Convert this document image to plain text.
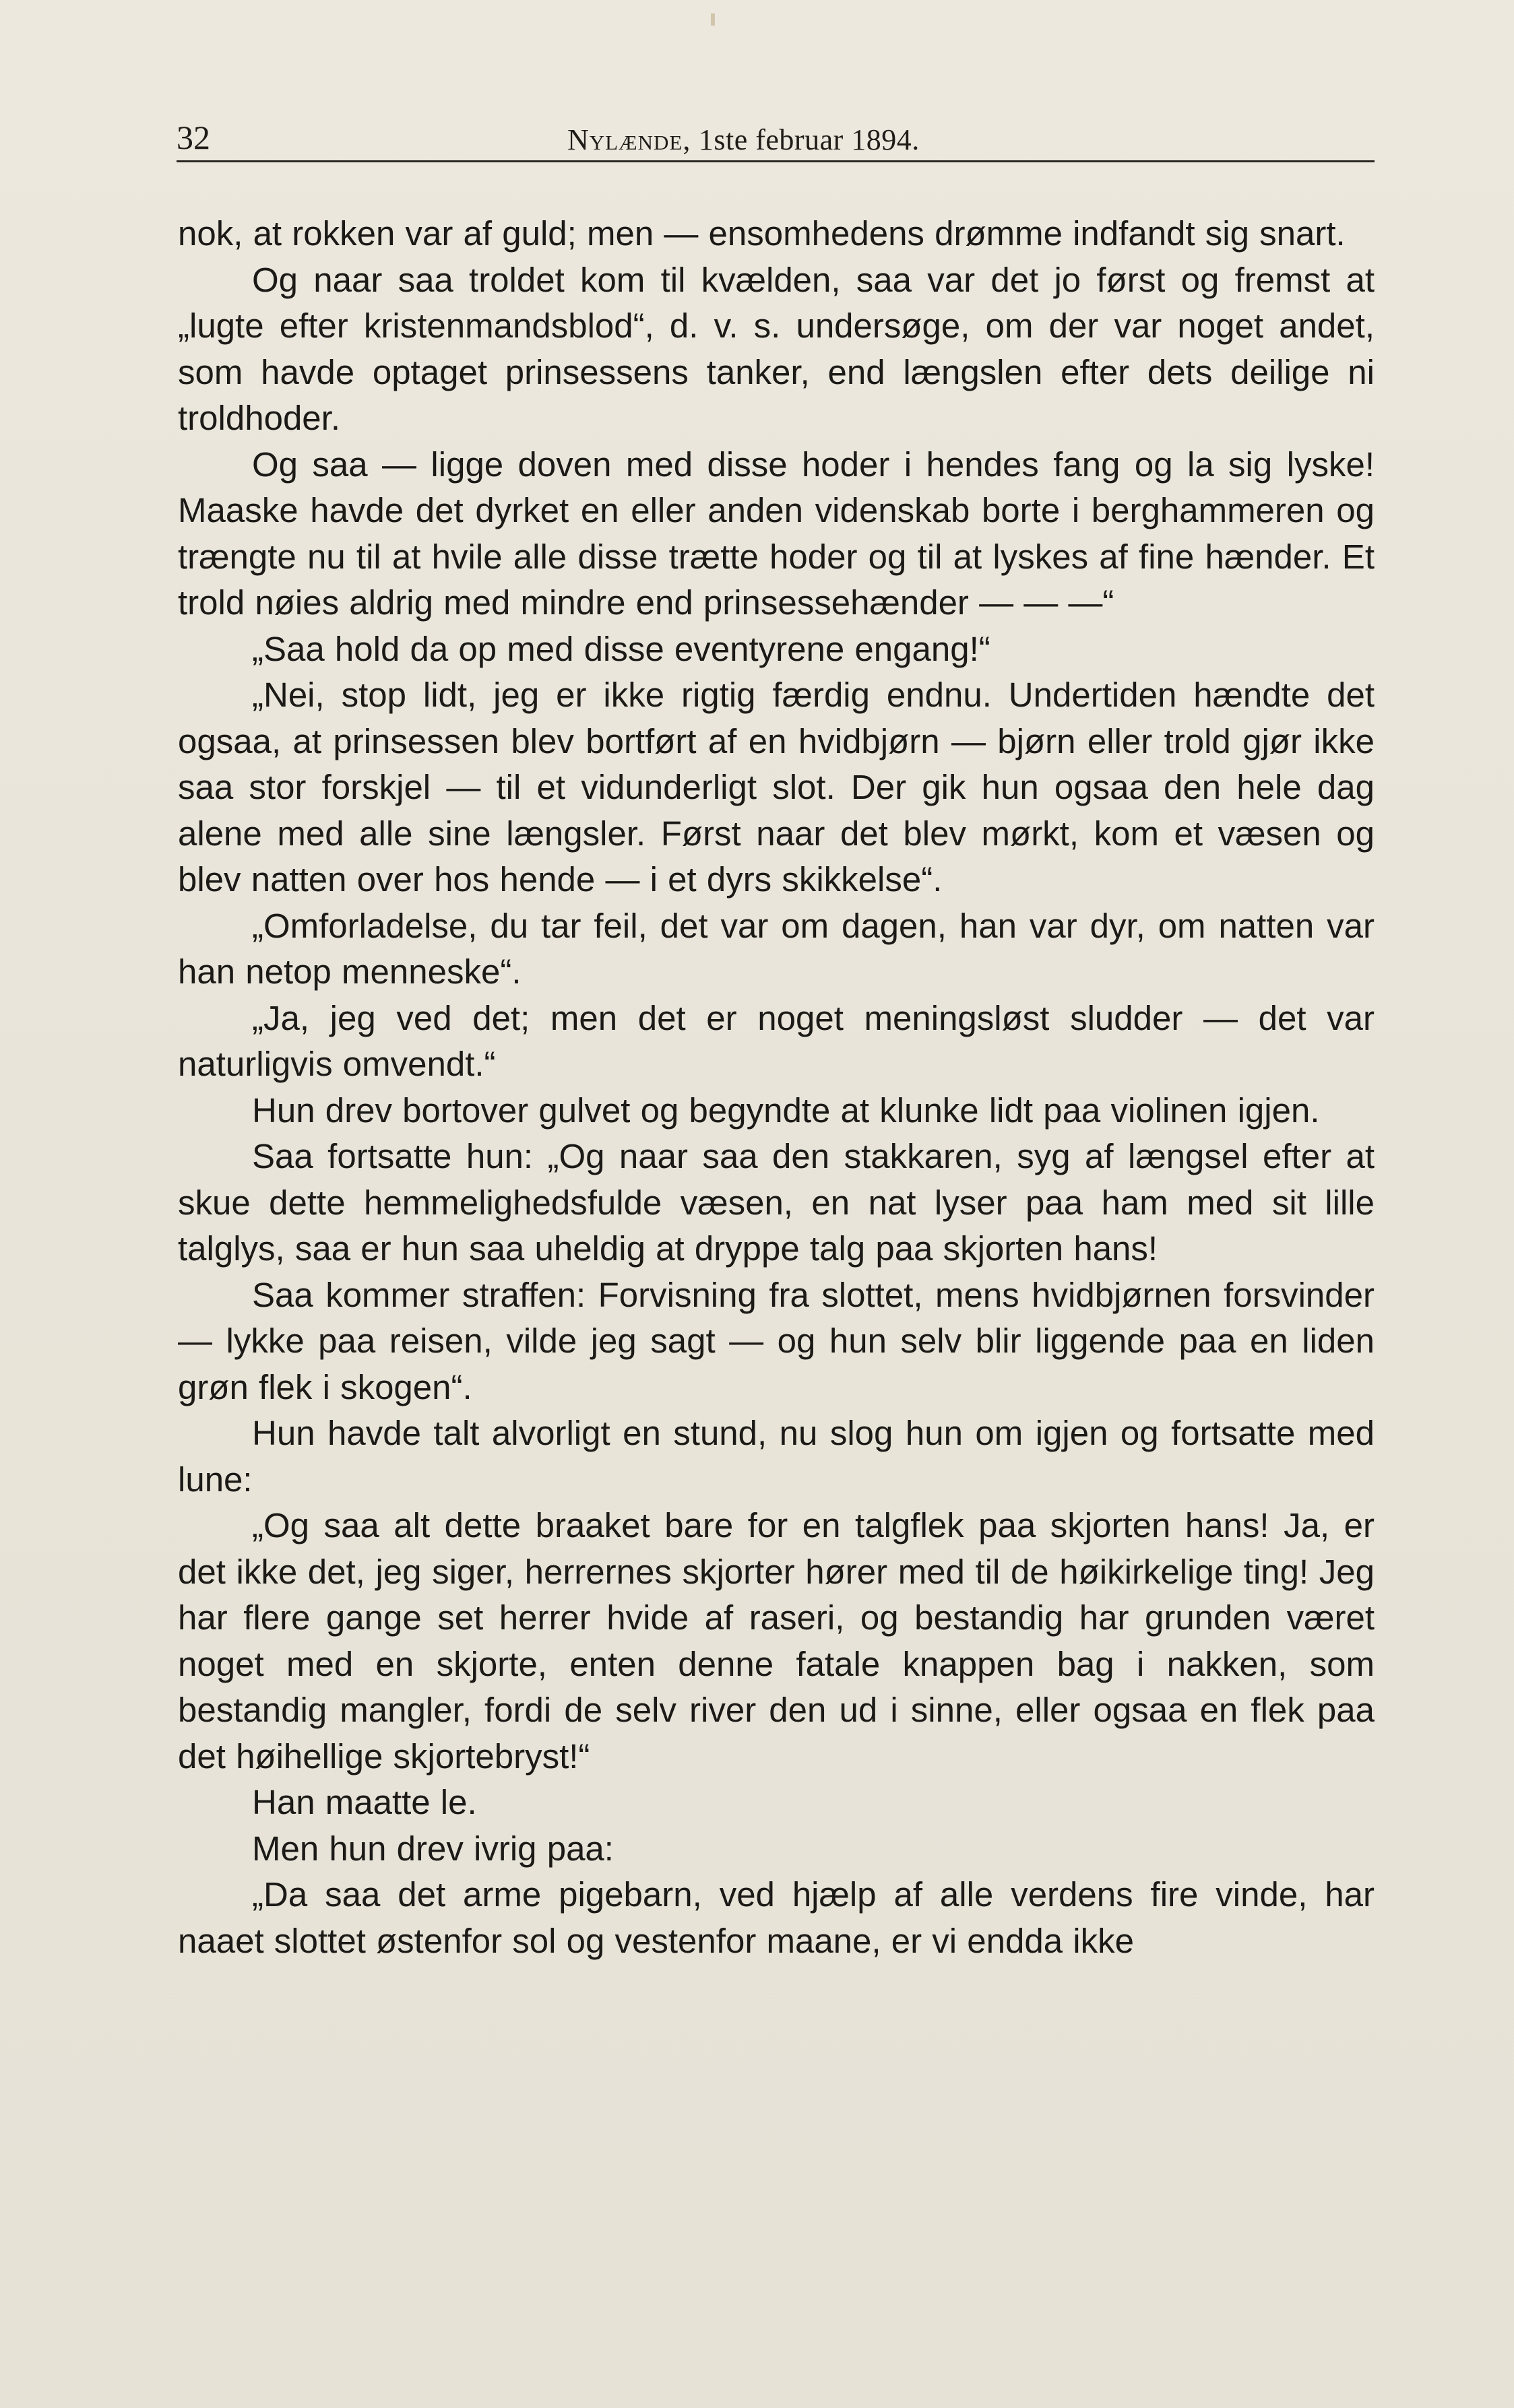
32	Nylænde, 1ste februar 1894.

nok, at rokken var af guld; men — ensomhedens drømme indfandt sig snart.

Og naar saa troldet kom til kvælden, saa var det jo først og fremst at „lugte efter kristenmandsblod“, d. v. s. undersøge, om der var noget andet, som havde optaget prinsessens tanker, end længslen efter dets deilige ni troldhoder.

Og saa — ligge doven med disse hoder i hendes fang og la sig lyske! Maaske havde det dyrket en eller anden videnskab borte i berghammeren og trængte nu til at hvile alle disse trætte hoder og til at lyskes af fine hænder. Et trold nøies aldrig med mindre end prinsessehænder — — —“

„Saa hold da op med disse eventyrene engang!“

„Nei, stop lidt, jeg er ikke rigtig færdig endnu. Undertiden hændte det ogsaa, at prinsessen blev bortført af en hvidbjørn — bjørn eller trold gjør ikke saa stor forskjel — til et vidunderligt slot. Der gik hun ogsaa den hele dag alene med alle sine længsler. Først naar det blev mørkt, kom et væsen og blev natten over hos hende — i et dyrs skikkelse“.

„Omforladelse, du tar feil, det var om dagen, han var dyr, om natten var han netop menneske“.

„Ja, jeg ved det; men det er noget meningsløst sludder — det var naturligvis omvendt.“

Hun drev bortover gulvet og begyndte at klunke lidt paa violinen igjen.

Saa fortsatte hun: „Og naar saa den stakkaren, syg af længsel efter at skue dette hemmelighedsfulde væsen, en nat lyser paa ham med sit lille talglys, saa er hun saa uheldig at dryppe talg paa skjorten hans!

Saa kommer straffen: Forvisning fra slottet, mens hvidbjørnen forsvinder — lykke paa reisen, vilde jeg sagt — og hun selv blir liggende paa en liden grøn flek i skogen“.

Hun havde talt alvorligt en stund, nu slog hun om igjen og fortsatte med lune:

„Og saa alt dette braaket bare for en talgflek paa skjorten hans! Ja, er det ikke det, jeg siger, herrernes skjorter hører med til de høikirkelige ting! Jeg har flere gange set herrer hvide af raseri, og bestandig har grunden været noget med en skjorte, enten denne fatale knappen bag i nakken, som bestandig mangler, fordi de selv river den ud i sinne, eller ogsaa en flek paa det høihellige skjortebryst!“

Han maatte le.

Men hun drev ivrig paa:

„Da saa det arme pigebarn, ved hjælp af alle verdens fire vinde, har naaet slottet østenfor sol og vestenfor maane, er vi endda ikke
